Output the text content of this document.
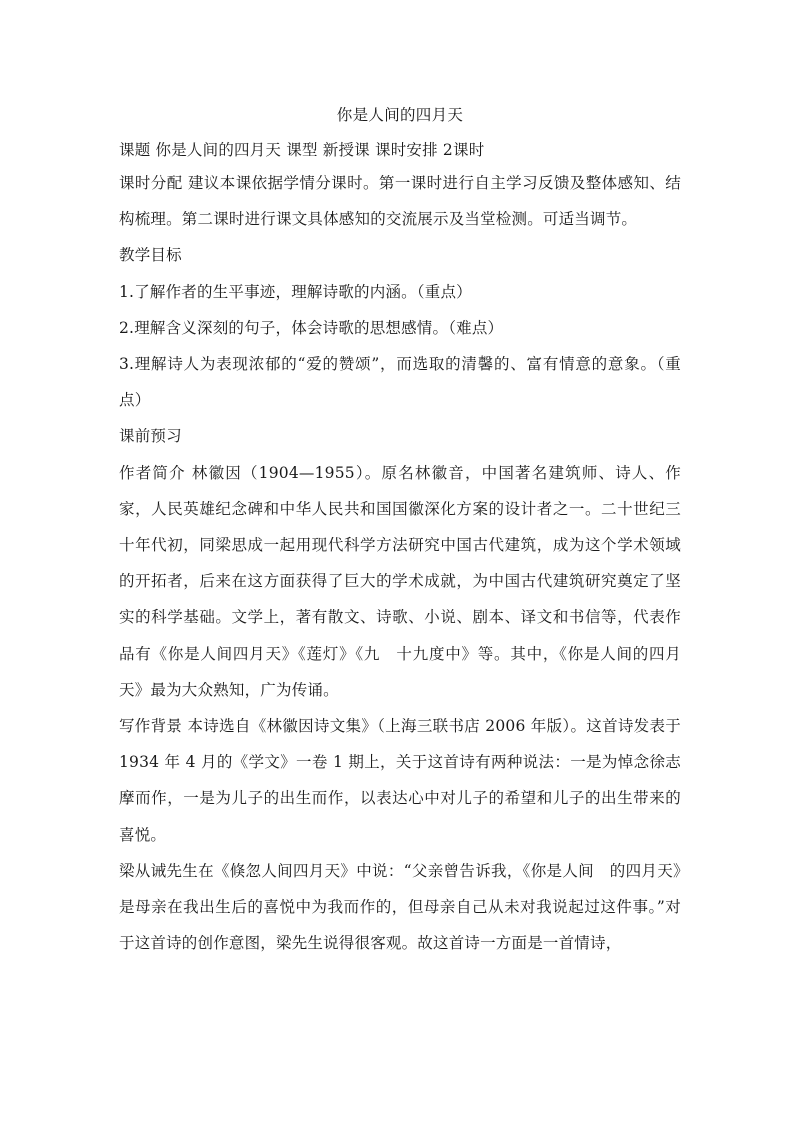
你是人间的四月天

课题 你是人间的四月天 课型 新授课 课时安排 2课时

课时分配 建议本课依据学情分课时。第一课时进行自主学习反馈及整体感知、结构梳理。第二课时进行课文具体感知的交流展示及当堂检测。可适当调节。

教学目标

1.了解作者的生平事迹，理解诗歌的内涵。（重点）

2.理解含义深刻的句子，体会诗歌的思想感情。（难点）

3.理解诗人为表现浓郁的“爱的赞颂”，而选取的清馨的、富有情意的意象。（重点）

课前预习

作者简介 林徽因（1904—1955）。原名林徽音，中国著名建筑师、诗人、作家，人民英雄纪念碑和中华人民共和国国徽深化方案的设计者之一。二十世纪三十年代初，同梁思成一起用现代科学方法研究中国古代建筑，成为这个学术领域的开拓者，后来在这方面获得了巨大的学术成就，为中国古代建筑研究奠定了坚实的科学基础。文学上，著有散文、诗歌、小说、剧本、译文和书信等，代表作品有《你是人间四月天》《莲灯》《九　十九度中》等。其中，《你是人间的四月天》最为大众熟知，广为传诵。

写作背景 本诗选自《林徽因诗文集》（上海三联书店 2006 年版）。这首诗发表于 1934 年 4 月的《学文》一卷 1 期上，关于这首诗有两种说法：一是为悼念徐志摩而作，一是为儿子的出生而作，以表达心中对儿子的希望和儿子的出生带来的喜悦。

梁从诫先生在《倏忽人间四月天》中说：“父亲曾告诉我，《你是人间　的四月天》是母亲在我出生后的喜悦中为我而作的，但母亲自己从未对我说起过这件事。”对于这首诗的创作意图，梁先生说得很客观。故这首诗一方面是一首情诗，
